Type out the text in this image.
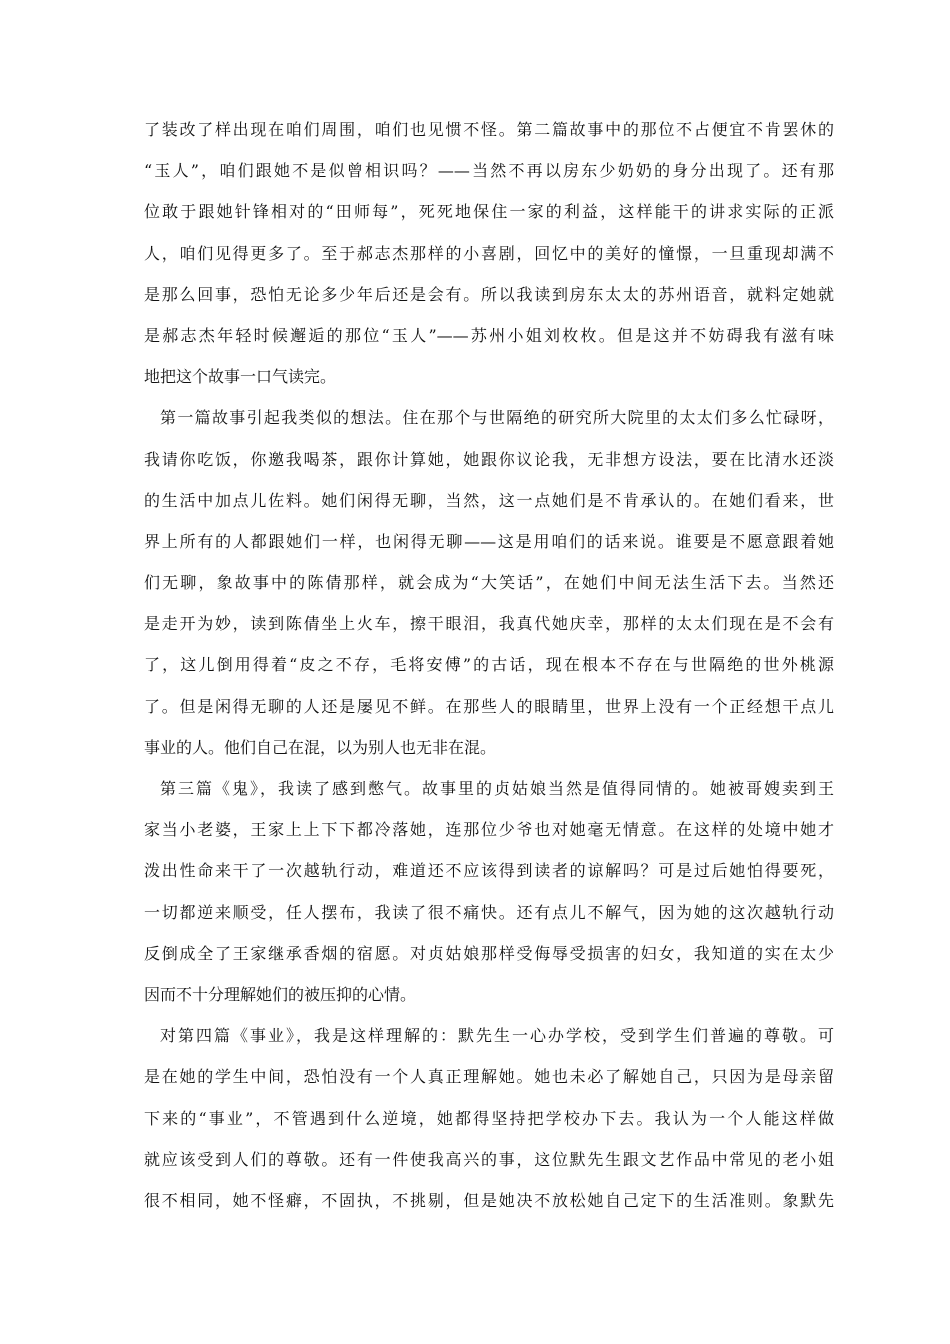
了装改了样出现在咱们周围，咱们也见惯不怪。第二篇故事中的那位不占便宜不肯罢休的
“玉人”，咱们跟她不是似曾相识吗？——当然不再以房东少奶奶的身分出现了。还有那
位敢于跟她针锋相对的“田师每”，死死地保住一家的利益，这样能干的讲求实际的正派
人，咱们见得更多了。至于郝志杰那样的小喜剧，回忆中的美好的憧憬，一旦重现却满不
是那么回事，恐怕无论多少年后还是会有。所以我读到房东太太的苏州语音，就料定她就
是郝志杰年轻时候邂逅的那位“玉人”——苏州小姐刘枚枚。但是这并不妨碍我有滋有味
地把这个故事一口气读完。
第一篇故事引起我类似的想法。住在那个与世隔绝的研究所大院里的太太们多么忙碌呀，
我请你吃饭，你邀我喝茶，跟你计算她，她跟你议论我，无非想方设法，要在比清水还淡
的生活中加点儿佐料。她们闲得无聊，当然，这一点她们是不肯承认的。在她们看来，世
界上所有的人都跟她们一样，也闲得无聊——这是用咱们的话来说。谁要是不愿意跟着她
们无聊，象故事中的陈倩那样，就会成为“大笑话”，在她们中间无法生活下去。当然还
是走开为妙，读到陈倩坐上火车，擦干眼泪，我真代她庆幸，那样的太太们现在是不会有
了，这儿倒用得着“皮之不存，毛将安傅”的古话，现在根本不存在与世隔绝的世外桃源
了。但是闲得无聊的人还是屡见不鲜。在那些人的眼睛里，世界上没有一个正经想干点儿
事业的人。他们自己在混，以为别人也无非在混。
第三篇《鬼》，我读了感到憋气。故事里的贞姑娘当然是值得同情的。她被哥嫂卖到王
家当小老婆，王家上上下下都冷落她，连那位少爷也对她毫无情意。在这样的处境中她才
泼出性命来干了一次越轨行动，难道还不应该得到读者的谅解吗？可是过后她怕得要死，
一切都逆来顺受，任人摆布，我读了很不痛快。还有点儿不解气，因为她的这次越轨行动
反倒成全了王家继承香烟的宿愿。对贞姑娘那样受侮辱受损害的妇女，我知道的实在太少
因而不十分理解她们的被压抑的心情。
对第四篇《事业》，我是这样理解的：默先生一心办学校，受到学生们普遍的尊敬。可
是在她的学生中间，恐怕没有一个人真正理解她。她也未必了解她自己，只因为是母亲留
下来的“事业”，不管遇到什么逆境，她都得坚持把学校办下去。我认为一个人能这样做
就应该受到人们的尊敬。还有一件使我高兴的事，这位默先生跟文艺作品中常见的老小姐
很不相同，她不怪癖，不固执，不挑剔，但是她决不放松她自己定下的生活准则。象默先
